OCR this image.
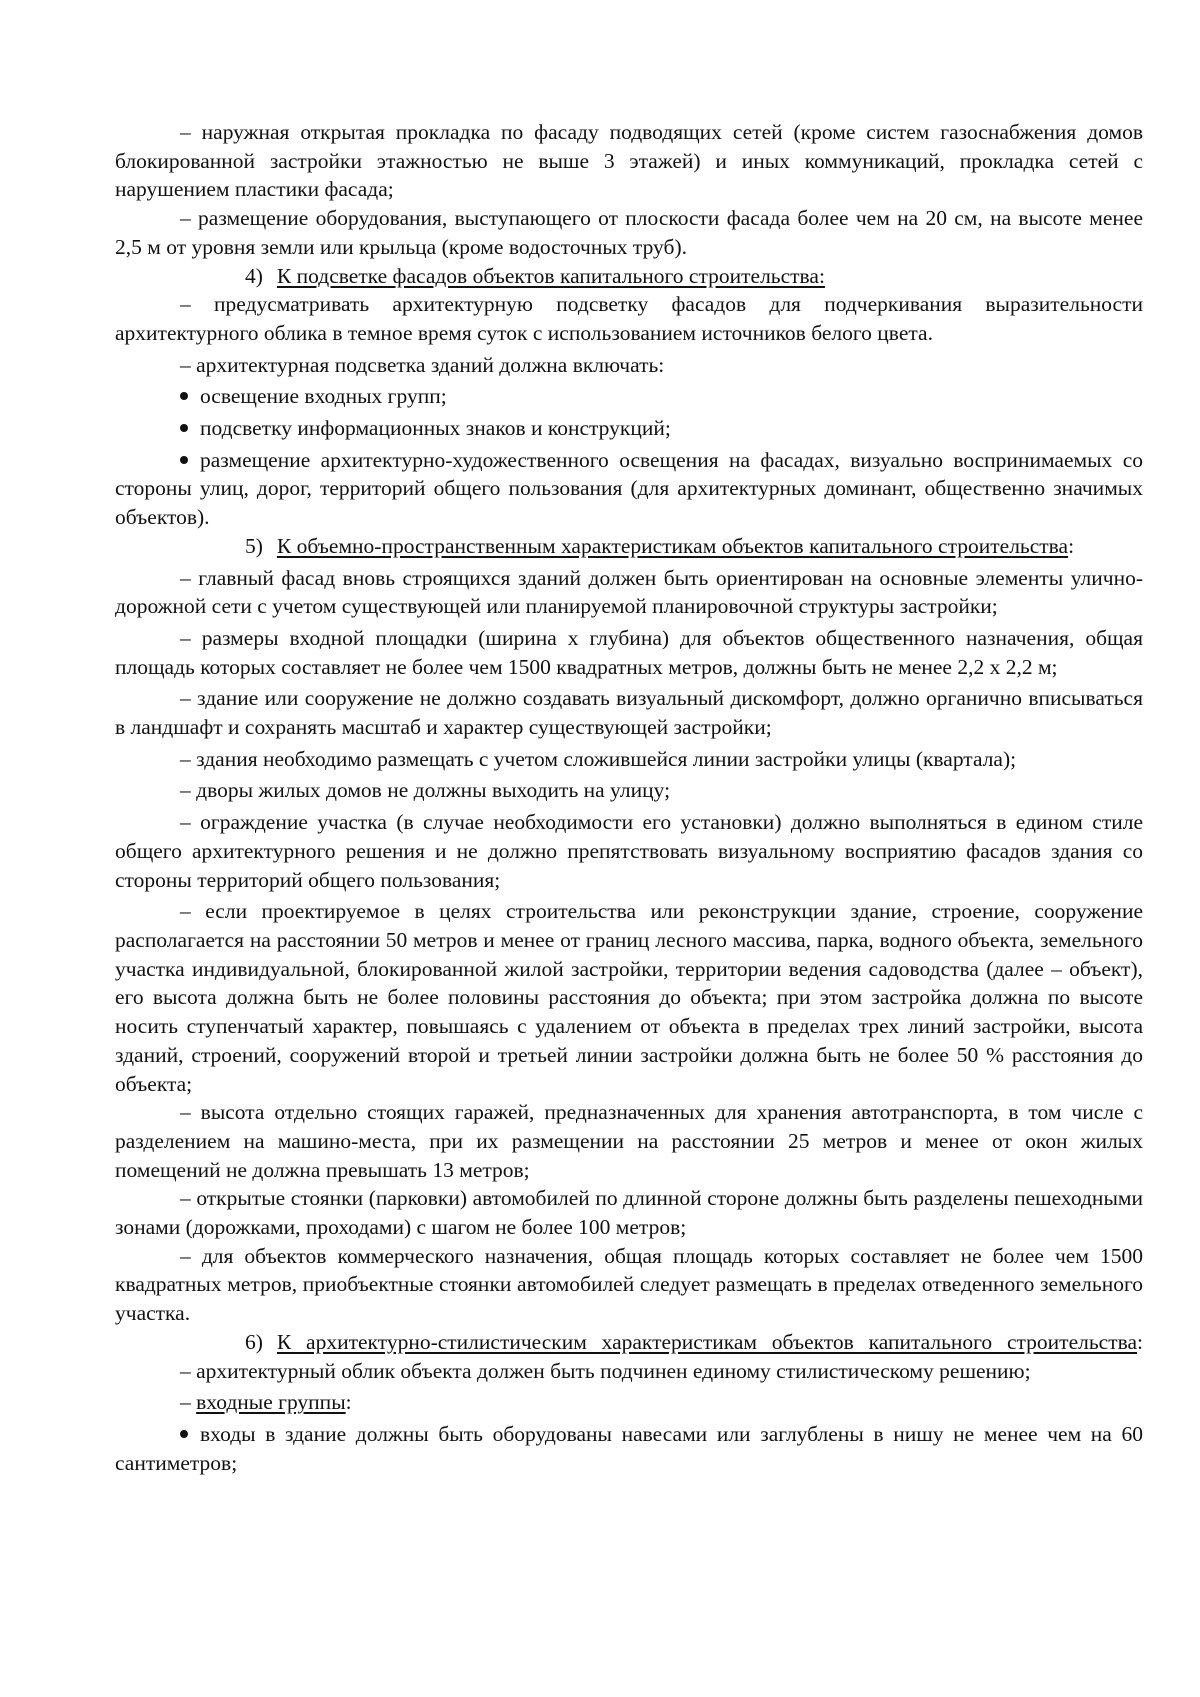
– наружная открытая прокладка по фасаду подводящих сетей (кроме систем газоснабжения домов блокированной застройки этажностью не выше 3 этажей) и иных коммуникаций, прокладка сетей с нарушением пластики фасада;

– размещение оборудования, выступающего от плоскости фасада более чем на 20 см, на высоте менее 2,5 м от уровня земли или крыльца (кроме водосточных труб).

4) К подсветке фасадов объектов капитального строительства:

– предусматривать архитектурную подсветку фасадов для подчеркивания выразительности архитектурного облика в темное время суток с использованием источников белого цвета.

– архитектурная подсветка зданий должна включать:

освещение входных групп;

подсветку информационных знаков и конструкций;

размещение архитектурно-художественного освещения на фасадах, визуально воспринимаемых со стороны улиц, дорог, территорий общего пользования (для архитектурных доминант, общественно значимых объектов).

5) К объемно-пространственным характеристикам объектов капитального строительства:

– главный фасад вновь строящихся зданий должен быть ориентирован на основные элементы улично-дорожной сети с учетом существующей или планируемой планировочной структуры застройки;

– размеры входной площадки (ширина х глубина) для объектов общественного назначения, общая площадь которых составляет не более чем 1500 квадратных метров, должны быть не менее 2,2 х 2,2 м;

– здание или сооружение не должно создавать визуальный дискомфорт, должно органично вписываться в ландшафт и сохранять масштаб и характер существующей застройки;

– здания необходимо размещать с учетом сложившейся линии застройки улицы (квартала);

– дворы жилых домов не должны выходить на улицу;

– ограждение участка (в случае необходимости его установки) должно выполняться в едином стиле общего архитектурного решения и не должно препятствовать визуальному восприятию фасадов здания со стороны территорий общего пользования;

– если проектируемое в целях строительства или реконструкции здание, строение, сооружение располагается на расстоянии 50 метров и менее от границ лесного массива, парка, водного объекта, земельного участка индивидуальной, блокированной жилой застройки, территории ведения садоводства (далее – объект), его высота должна быть не более половины расстояния до объекта; при этом застройка должна по высоте носить ступенчатый характер, повышаясь с удалением от объекта в пределах трех линий застройки, высота зданий, строений, сооружений второй и третьей линии застройки должна быть не более 50 % расстояния до объекта;

– высота отдельно стоящих гаражей, предназначенных для хранения автотранспорта, в том числе с разделением на машино-места, при их размещении на расстоянии 25 метров и менее от окон жилых помещений не должна превышать 13 метров;

– открытые стоянки (парковки) автомобилей по длинной стороне должны быть разделены пешеходными зонами (дорожками, проходами) с шагом не более 100 метров;

– для объектов коммерческого назначения, общая площадь которых составляет не более чем 1500 квадратных метров, приобъектные стоянки автомобилей следует размещать в пределах отведенного земельного участка.

6) К архитектурно-стилистическим характеристикам объектов капитального строительства:

– архитектурный облик объекта должен быть подчинен единому стилистическому решению;

– входные группы:

входы в здание должны быть оборудованы навесами или заглублены в нишу не менее чем на 60 сантиметров;
